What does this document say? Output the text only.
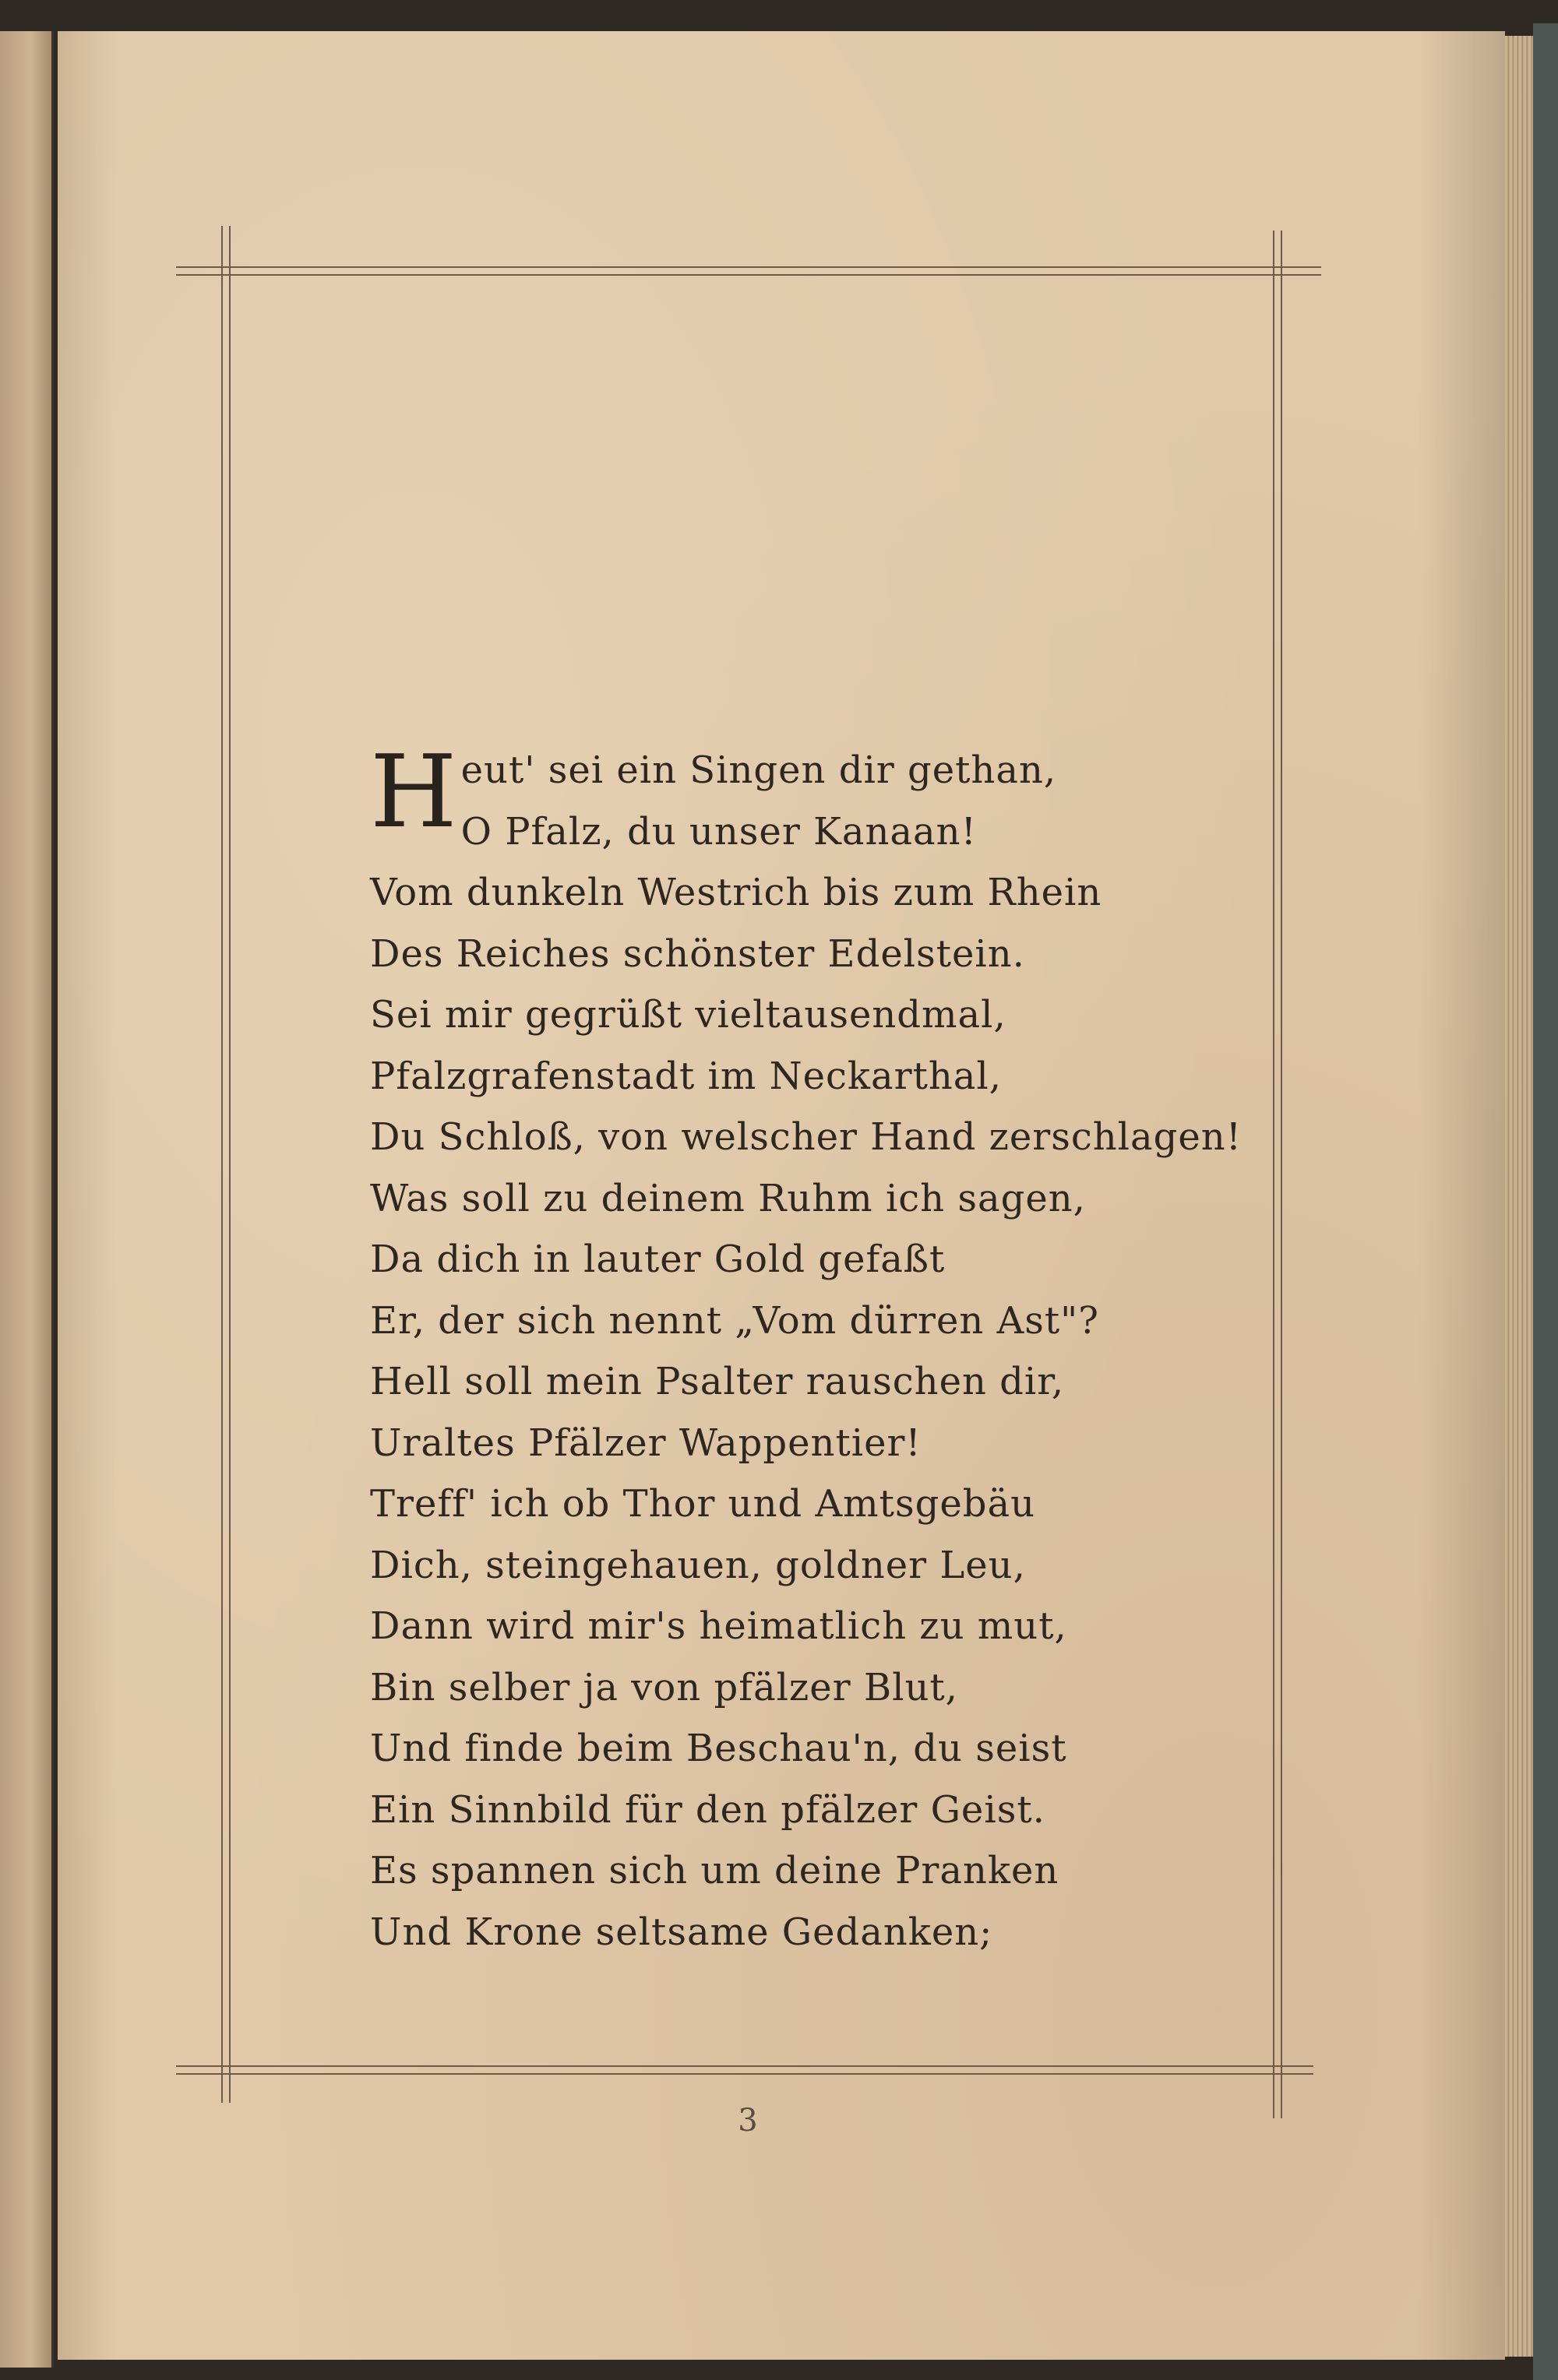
H eut' sei ein Singen dir gethan,
O Pfalz, du unser Kanaan!
Vom dunkeln Westrich bis zum Rhein
Des Reiches schönster Edelstein.
Sei mir gegrüßt vieltausendmal,
Pfalzgrafenstadt im Neckarthal,
Du Schloß, von welscher Hand zerschlagen!
Was soll zu deinem Ruhm ich sagen,
Da dich in lauter Gold gefaßt
Er, der sich nennt „Vom dürren Ast"?
Hell soll mein Psalter rauschen dir,
Uraltes Pfälzer Wappentier!
Treff' ich ob Thor und Amtsgebäu
Dich, steingehauen, goldner Leu,
Dann wird mir's heimatlich zu mut,
Bin selber ja von pfälzer Blut,
Und finde beim Beschau'n, du seist
Ein Sinnbild für den pfälzer Geist.
Es spannen sich um deine Pranken
Und Krone seltsame Gedanken;
3
